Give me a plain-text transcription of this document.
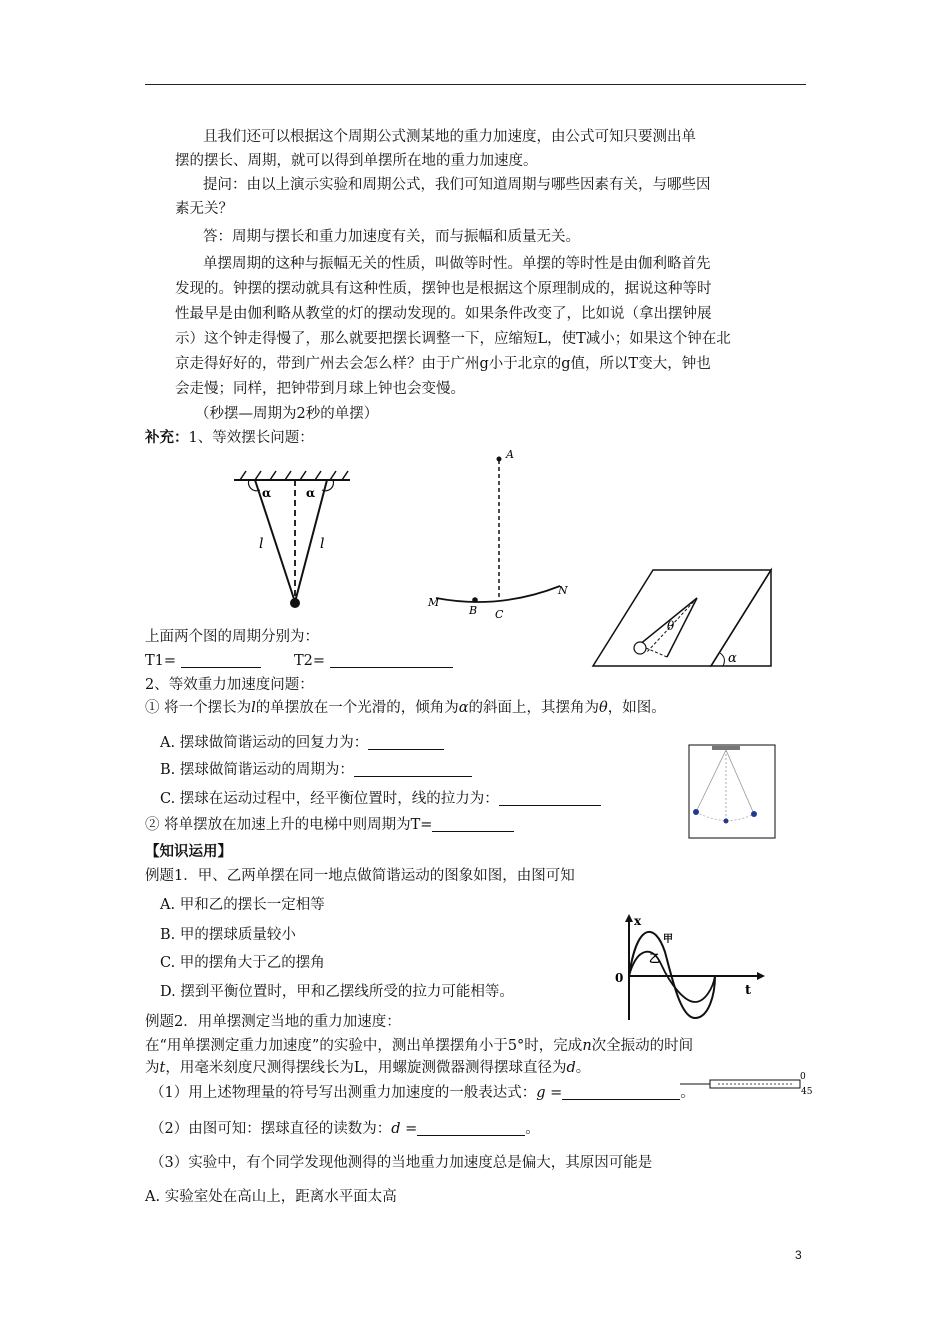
且我们还可以根据这个周期公式测某地的重力加速度，由公式可知只要测出单
摆的摆长、周期，就可以得到单摆所在地的重力加速度。
提问：由以上演示实验和周期公式，我们可知道周期与哪些因素有关，与哪些因
素无关？
答：周期与摆长和重力加速度有关，而与振幅和质量无关。
单摆周期的这种与振幅无关的性质，叫做等时性。单摆的等时性是由伽利略首先
发现的。钟摆的摆动就具有这种性质，摆钟也是根据这个原理制成的，据说这种等时
性最早是由伽利略从教堂的灯的摆动发现的。如果条件改变了，比如说（拿出摆钟展
示）这个钟走得慢了，那么就要把摆长调整一下，应缩短L，使T减小；如果这个钟在北
京走得好好的，带到广州去会怎么样？由于广州g小于北京的g值，所以T变大，钟也
会走慢；同样，把钟带到月球上钟也会变慢。
（秒摆—周期为2秒的单摆）
补充：1、等效摆长问题：
α	α
l	l
A
M
B C
N
θ
α
上面两个图的周期分别为：
T1=	T2=
2、等效重力加速度问题：
① 将一个摆长为l的单摆放在一个光滑的，倾角为α的斜面上，其摆角为θ，如图。
A. 摆球做简谐运动的回复力为：
B. 摆球做简谐运动的周期为：
C. 摆球在运动过程中，经平衡位置时，线的拉力为：
② 将单摆放在加速上升的电梯中则周期为T=
【知识运用】
例题1．甲、乙两单摆在同一地点做简谐运动的图象如图，由图可知
A. 甲和乙的摆长一定相等
B. 甲的摆球质量较小
C. 甲的摆角大于乙的摆角
D. 摆到平衡位置时，甲和乙摆线所受的拉力可能相等。
x
0
t
甲
乙
例题2．用单摆测定当地的重力加速度：
在“用单摆测定重力加速度”的实验中，测出单摆摆角小于5°时，完成n次全振动的时间
为t，用毫米刻度尺测得摆线长为L，用螺旋测微器测得摆球直径为d。
（1）用上述物理量的符号写出测重力加速度的一般表达式：g =	。
0
45
（2）由图可知：摆球直径的读数为：d =	。
（3）实验中，有个同学发现他测得的当地重力加速度总是偏大，其原因可能是
A. 实验室处在高山上，距离水平面太高
3
